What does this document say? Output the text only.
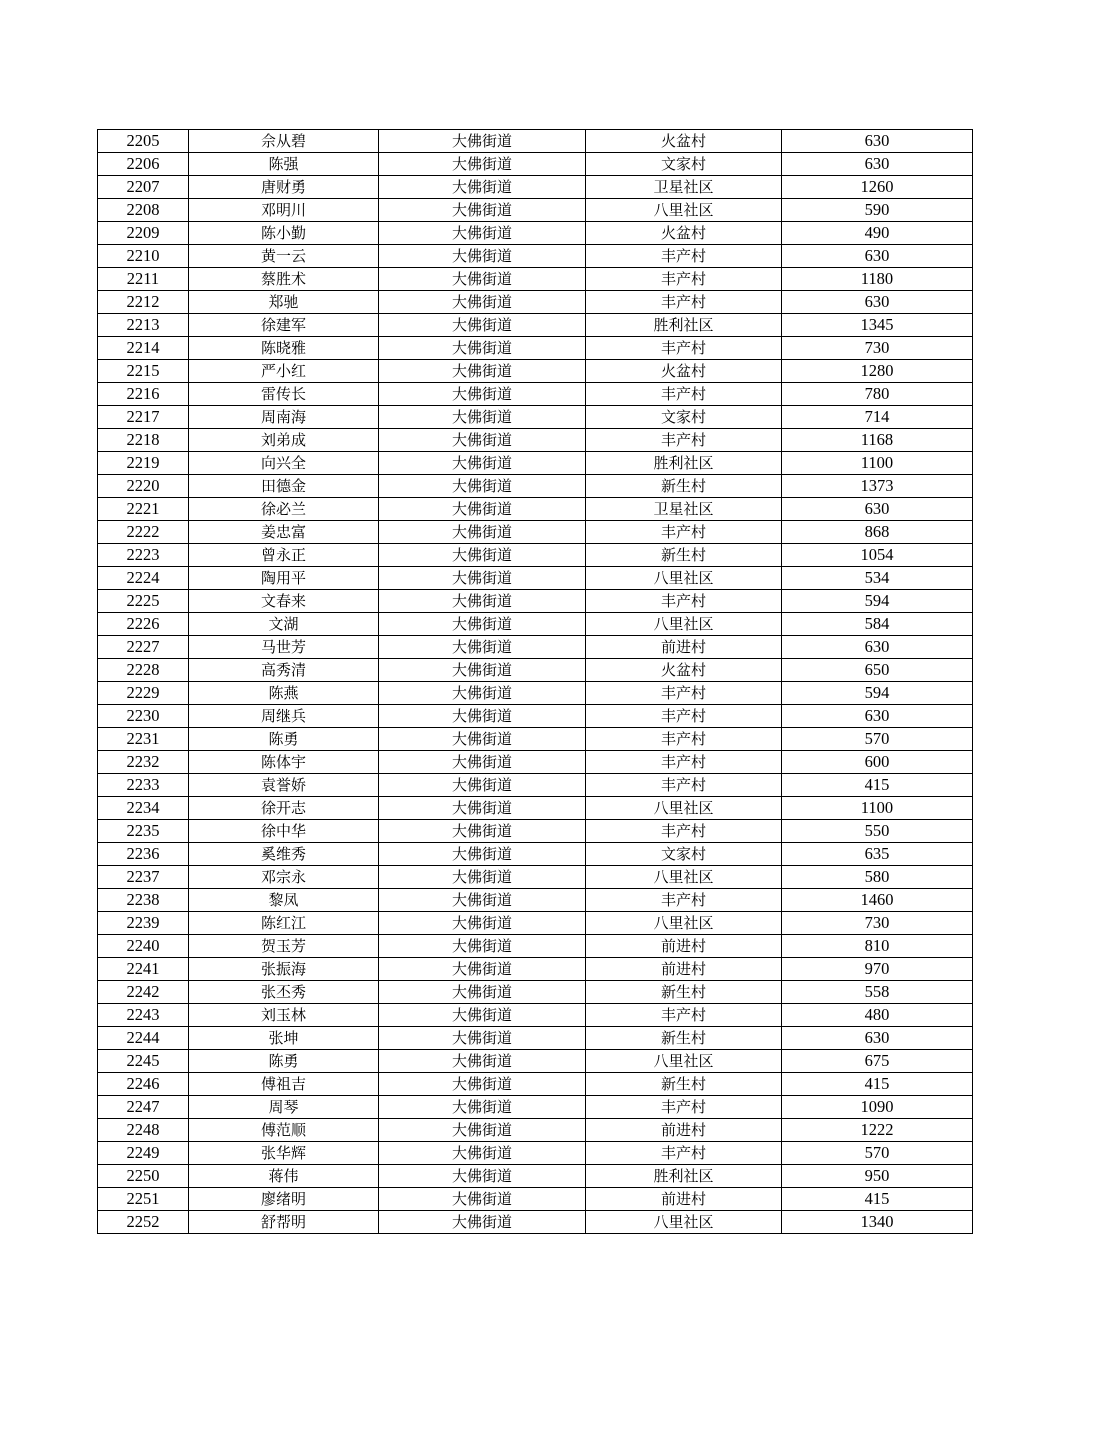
2205	佘从碧	大佛街道	火盆村	630
2206	陈强	大佛街道	文家村	630
2207	唐财勇	大佛街道	卫星社区	1260
2208	邓明川	大佛街道	八里社区	590
2209	陈小勤	大佛街道	火盆村	490
2210	黄一云	大佛街道	丰产村	630
2211	蔡胜术	大佛街道	丰产村	1180
2212	郑驰	大佛街道	丰产村	630
2213	徐建军	大佛街道	胜利社区	1345
2214	陈晓雅	大佛街道	丰产村	730
2215	严小红	大佛街道	火盆村	1280
2216	雷传长	大佛街道	丰产村	780
2217	周南海	大佛街道	文家村	714
2218	刘弟成	大佛街道	丰产村	1168
2219	向兴全	大佛街道	胜利社区	1100
2220	田德金	大佛街道	新生村	1373
2221	徐必兰	大佛街道	卫星社区	630
2222	姜忠富	大佛街道	丰产村	868
2223	曾永正	大佛街道	新生村	1054
2224	陶用平	大佛街道	八里社区	534
2225	文春来	大佛街道	丰产村	594
2226	文湖	大佛街道	八里社区	584
2227	马世芳	大佛街道	前进村	630
2228	高秀清	大佛街道	火盆村	650
2229	陈燕	大佛街道	丰产村	594
2230	周继兵	大佛街道	丰产村	630
2231	陈勇	大佛街道	丰产村	570
2232	陈体宇	大佛街道	丰产村	600
2233	袁誉娇	大佛街道	丰产村	415
2234	徐开志	大佛街道	八里社区	1100
2235	徐中华	大佛街道	丰产村	550
2236	奚维秀	大佛街道	文家村	635
2237	邓宗永	大佛街道	八里社区	580
2238	黎凤	大佛街道	丰产村	1460
2239	陈红江	大佛街道	八里社区	730
2240	贺玉芳	大佛街道	前进村	810
2241	张振海	大佛街道	前进村	970
2242	张丕秀	大佛街道	新生村	558
2243	刘玉林	大佛街道	丰产村	480
2244	张坤	大佛街道	新生村	630
2245	陈勇	大佛街道	八里社区	675
2246	傅祖吉	大佛街道	新生村	415
2247	周琴	大佛街道	丰产村	1090
2248	傅范顺	大佛街道	前进村	1222
2249	张华辉	大佛街道	丰产村	570
2250	蒋伟	大佛街道	胜利社区	950
2251	廖绪明	大佛街道	前进村	415
2252	舒帮明	大佛街道	八里社区	1340
